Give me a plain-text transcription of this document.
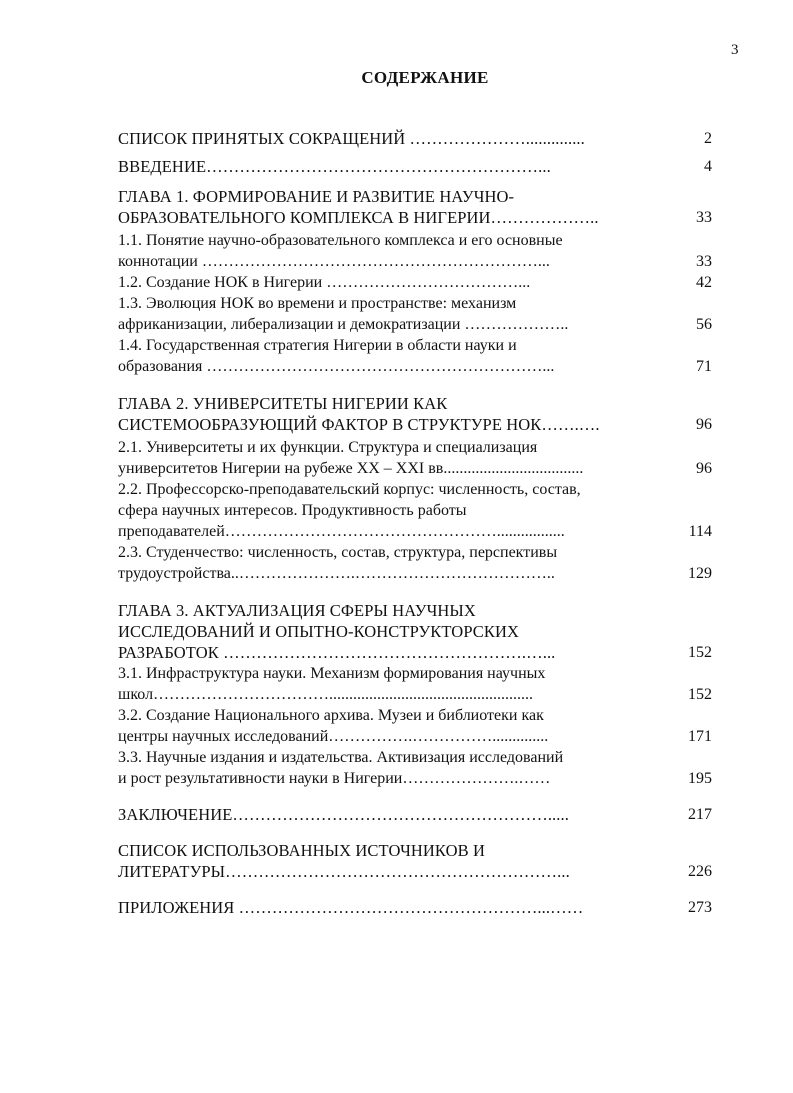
3
СОДЕРЖАНИЕ
СПИСОК ПРИНЯТЫХ СОКРАЩЕНИЙ …………………..............	2
ВВЕДЕНИЕ……………………………………………………...	4
ГЛАВА 1. ФОРМИРОВАНИЕ И РАЗВИТИЕ НАУЧНО-
ОБРАЗОВАТЕЛЬНОГО КОМПЛЕКСА В НИГЕРИИ………………..	33
1.1. Понятие научно-образовательного комплекса и его основные
коннотации ………………………………………………………...	33
1.2. Создание НОК в Нигерии ………………………………...	42
1.3. Эволюция НОК во времени и пространстве: механизм
африканизации, либерализации и демократизации ………………..	56
1.4. Государственная стратегия Нигерии в области науки и
образования ………………………………………………………...	71
ГЛАВА 2. УНИВЕРСИТЕТЫ НИГЕРИИ КАК
СИСТЕМООБРАЗУЮЩИЙ ФАКТОР В СТРУКТУРЕ НОК…….….	96
2.1. Университеты и их функции. Структура и специализация
университетов Нигерии на рубеже XX – XXI вв...................................	96
2.2. Профессорско-преподавательский корпус: численность, состав,
сфера научных интересов. Продуктивность работы
преподавателей…………………………………………….................	114
2.3. Студенчество: численность, состав, структура, перспективы
трудоустройства..………………….………………………………..	129
ГЛАВА 3. АКТУАЛИЗАЦИЯ СФЕРЫ НАУЧНЫХ
ИССЛЕДОВАНИЙ И ОПЫТНО-КОНСТРУКТОРСКИХ
РАЗРАБОТОК ……………………………………………….…...	152
3.1. Инфраструктура науки. Механизм формирования научных
школ……………………………...................................................	152
3.2. Создание Национального архива. Музеи и библиотеки как
центры научных исследований…………….……………..............	171
3.3. Научные издания и издательства. Активизация исследований
и рост результативности науки в Нигерии………………….……	195
ЗАКЛЮЧЕНИЕ………………………………………………….....	217
СПИСОК ИСПОЛЬЗОВАННЫХ ИСТОЧНИКОВ И
ЛИТЕРАТУРЫ……………………………………………………...	226
ПРИЛОЖЕНИЯ ………………………………………………...……	273
